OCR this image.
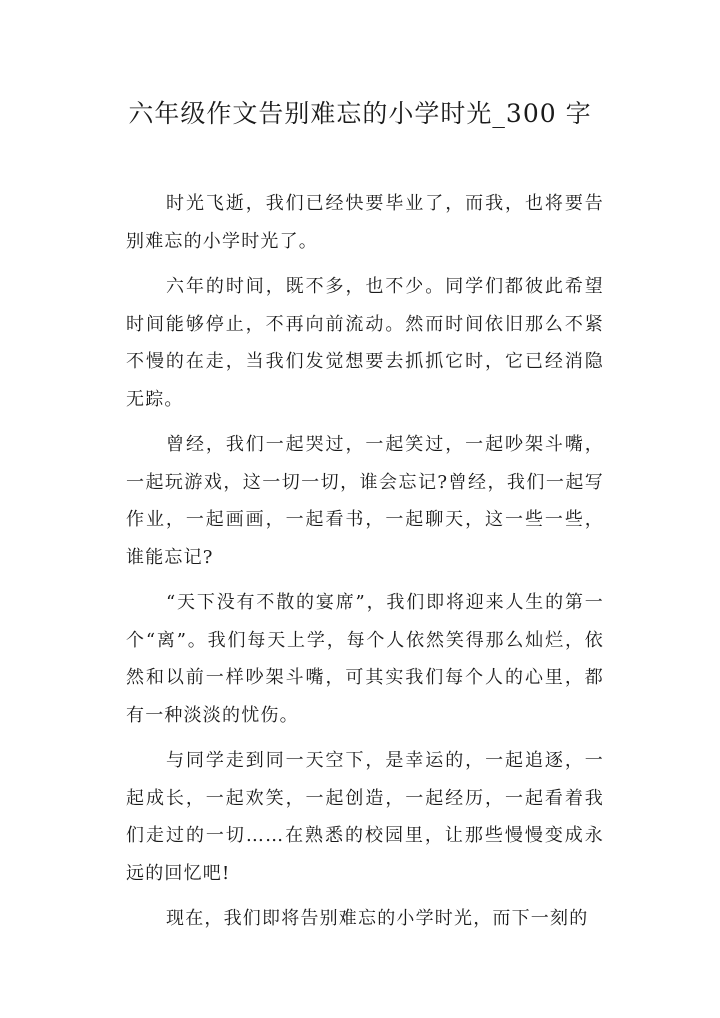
六年级作文告别难忘的小学时光_300 字

时光飞逝，我们已经快要毕业了，而我，也将要告别难忘的小学时光了。

六年的时间，既不多，也不少。同学们都彼此希望时间能够停止，不再向前流动。然而时间依旧那么不紧不慢的在走，当我们发觉想要去抓抓它时，它已经消隐无踪。

曾经，我们一起哭过，一起笑过，一起吵架斗嘴，一起玩游戏，这一切一切，谁会忘记?曾经，我们一起写作业，一起画画，一起看书，一起聊天，这一些一些，谁能忘记?

“天下没有不散的宴席”，我们即将迎来人生的第一个“离”。我们每天上学，每个人依然笑得那么灿烂，依然和以前一样吵架斗嘴，可其实我们每个人的心里，都有一种淡淡的忧伤。

与同学走到同一天空下，是幸运的，一起追逐，一起成长，一起欢笑，一起创造，一起经历，一起看着我们走过的一切……在熟悉的校园里，让那些慢慢变成永远的回忆吧!

现在，我们即将告别难忘的小学时光，而下一刻的
